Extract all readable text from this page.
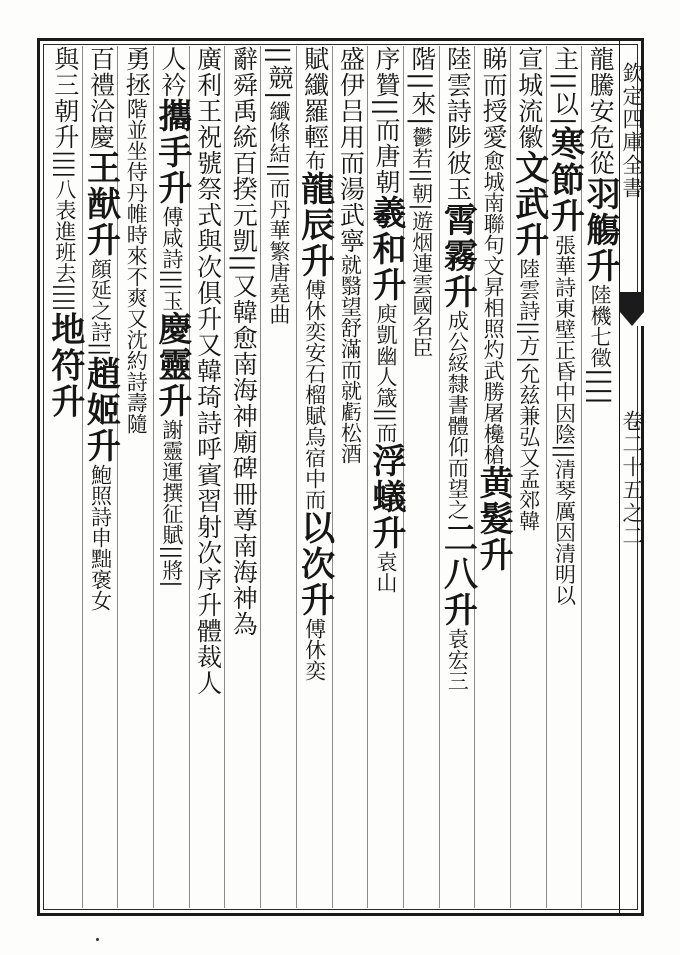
欽定四庫全書
卷二十五之二
龍騰安危從羽觴升陸機七徵||||
主||以|寒節升張華詩東壁正昏中因陰||清琴厲因清明以
宣城流徽文武升陸雲詩||方|允兹兼弘又孟郊韓
睇而授愛愈城南聯句文昇相照灼武勝屠欃槍黄髮升
陸雲詩陟彼玉霄霧升成公綏隸書體仰而望之二八升袁宏三
階||來|鬱若||朝|遊烟連雲國名臣
序贊||而唐朝羲和升庾凱幽人箴||而浮蟻升袁山
盛伊吕用而湯武寧就翳望舒滿而就虧松酒
賦纖羅輕布龍辰升傅休奕安石榴賦烏宿中而以次升傅休奕
||競|纖條結||而丹華繁唐堯曲
辭舜禹統百揆元凱||又韓愈南海神廟碑冊尊南海神為
廣利王祝號祭式與次俱升又韓琦詩呼賓習射次序升體裁人
人衿攜手升傅咸詩|||玉慶靈升謝靈運撰征賦||將|
勇拯階並坐侍丹帷時來不爽又沈約詩壽隨
百禮洽慶王猷升顔延之詩||趙姬升鮑照詩申黜褒女
與三朝升||||八表進班去||||地符升
